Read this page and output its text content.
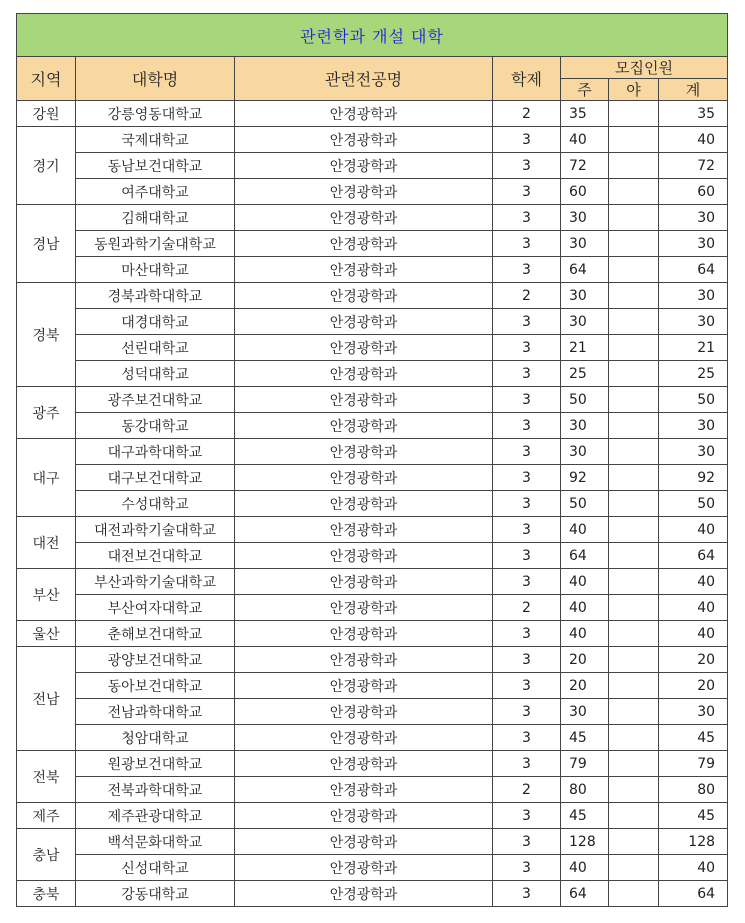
관련학과 개설 대학						
지역	대학명	관련전공명	학제	모집인원		
				주	야	계
강원	강릉영동대학교	안경광학과	2	35		35
경기	국제대학교	안경광학과	3	40		40
	동남보건대학교	안경광학과	3	72		72
	여주대학교	안경광학과	3	60		60
경남	김해대학교	안경광학과	3	30		30
	동원과학기술대학교	안경광학과	3	30		30
	마산대학교	안경광학과	3	64		64
경북	경북과학대학교	안경광학과	2	30		30
	대경대학교	안경광학과	3	30		30
	선린대학교	안경광학과	3	21		21
	성덕대학교	안경광학과	3	25		25
광주	광주보건대학교	안경광학과	3	50		50
	동강대학교	안경광학과	3	30		30
대구	대구과학대학교	안경광학과	3	30		30
	대구보건대학교	안경광학과	3	92		92
	수성대학교	안경광학과	3	50		50
대전	대전과학기술대학교	안경광학과	3	40		40
	대전보건대학교	안경광학과	3	64		64
부산	부산과학기술대학교	안경광학과	3	40		40
	부산여자대학교	안경광학과	2	40		40
울산	춘해보건대학교	안경광학과	3	40		40
전남	광양보건대학교	안경광학과	3	20		20
	동아보건대학교	안경광학과	3	20		20
	전남과학대학교	안경광학과	3	30		30
	청암대학교	안경광학과	3	45		45
전북	원광보건대학교	안경광학과	3	79		79
	전북과학대학교	안경광학과	2	80		80
제주	제주관광대학교	안경광학과	3	45		45
충남	백석문화대학교	안경광학과	3	128		128
	신성대학교	안경광학과	3	40		40
충북	강동대학교	안경광학과	3	64		64
